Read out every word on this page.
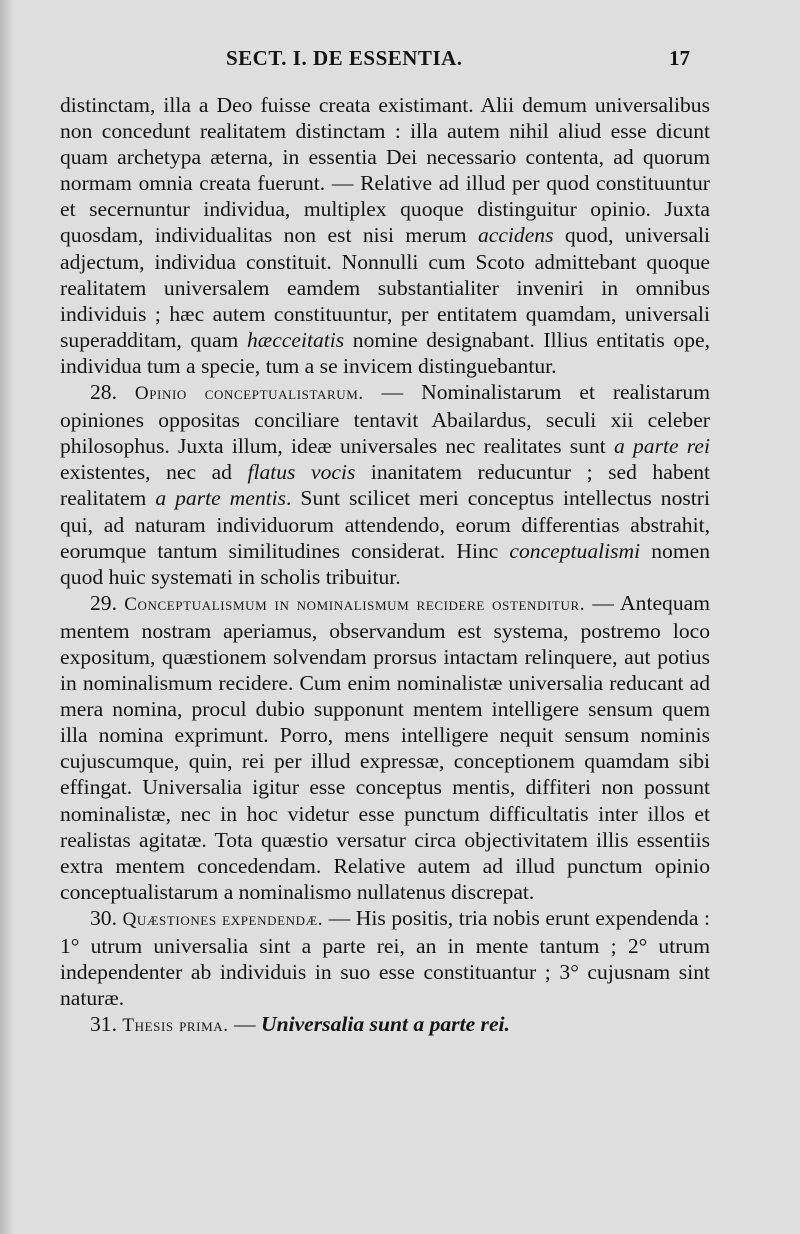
SECT. I. DE ESSENTIA.	17

distinctam, illa a Deo fuisse creata existimant. Alii demum universalibus non concedunt realitatem distinctam : illa autem nihil aliud esse dicunt quam archetypa æterna, in essentia Dei necessario contenta, ad quorum normam omnia creata fuerunt. — Relative ad illud per quod constituuntur et secernuntur individua, multiplex quoque distinguitur opinio. Juxta quosdam, individualitas non est nisi merum accidens quod, universali adjectum, individua constituit. Nonnulli cum Scoto admittebant quoque realitatem universalem eamdem substantialiter inveniri in omnibus individuis ; hæc autem constituuntur, per entitatem quamdam, universali superadditam, quam hæcceitatis nomine designabant. Illius entitatis ope, individua tum a specie, tum a se invicem distinguebantur.

28. Opinio conceptualistarum. — Nominalistarum et realistarum opiniones oppositas conciliare tentavit Abailardus, seculi xii celeber philosophus. Juxta illum, ideæ universales nec realitates sunt a parte rei existentes, nec ad flatus vocis inanitatem reducuntur ; sed habent realitatem a parte mentis. Sunt scilicet meri conceptus intellectus nostri qui, ad naturam individuorum attendendo, eorum differentias abstrahit, eorumque tantum similitudines considerat. Hinc conceptualismi nomen quod huic systemati in scholis tribuitur.

29. Conceptualismum in nominalismum recidere ostenditur. — Antequam mentem nostram aperiamus, observandum est systema, postremo loco expositum, quæstionem solvendam prorsus intactam relinquere, aut potius in nominalismum recidere. Cum enim nominalistæ universalia reducant ad mera nomina, procul dubio supponunt mentem intelligere sensum quem illa nomina exprimunt. Porro, mens intelligere nequit sensum nominis cujuscumque, quin, rei per illud expressæ, conceptionem quamdam sibi effingat. Universalia igitur esse conceptus mentis, diffiteri non possunt nominalistæ, nec in hoc videtur esse punctum difficultatis inter illos et realistas agitatæ. Tota quæstio versatur circa objectivitatem illis essentiis extra mentem concedendam. Relative autem ad illud punctum opinio conceptualistarum a nominalismo nullatenus discrepat.

30. Quæstiones expendendæ. — His positis, tria nobis erunt expendenda : 1° utrum universalia sint a parte rei, an in mente tantum ; 2° utrum independenter ab individuis in suo esse constituantur ; 3° cujusnam sint naturæ.

31. Thesis prima. — Universalia sunt a parte rei.
